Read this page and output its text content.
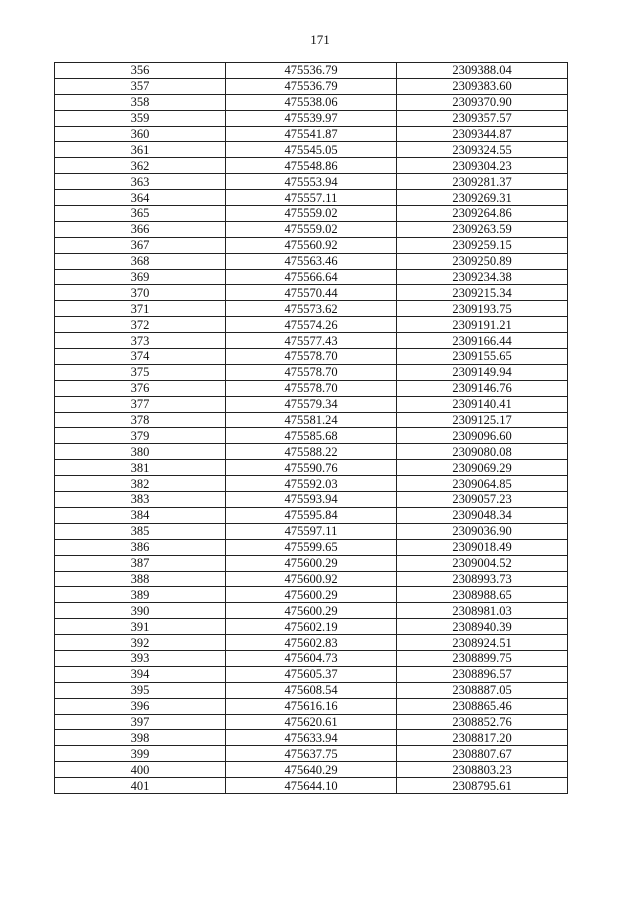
171
356	475536.79	2309388.04
357	475536.79	2309383.60
358	475538.06	2309370.90
359	475539.97	2309357.57
360	475541.87	2309344.87
361	475545.05	2309324.55
362	475548.86	2309304.23
363	475553.94	2309281.37
364	475557.11	2309269.31
365	475559.02	2309264.86
366	475559.02	2309263.59
367	475560.92	2309259.15
368	475563.46	2309250.89
369	475566.64	2309234.38
370	475570.44	2309215.34
371	475573.62	2309193.75
372	475574.26	2309191.21
373	475577.43	2309166.44
374	475578.70	2309155.65
375	475578.70	2309149.94
376	475578.70	2309146.76
377	475579.34	2309140.41
378	475581.24	2309125.17
379	475585.68	2309096.60
380	475588.22	2309080.08
381	475590.76	2309069.29
382	475592.03	2309064.85
383	475593.94	2309057.23
384	475595.84	2309048.34
385	475597.11	2309036.90
386	475599.65	2309018.49
387	475600.29	2309004.52
388	475600.92	2308993.73
389	475600.29	2308988.65
390	475600.29	2308981.03
391	475602.19	2308940.39
392	475602.83	2308924.51
393	475604.73	2308899.75
394	475605.37	2308896.57
395	475608.54	2308887.05
396	475616.16	2308865.46
397	475620.61	2308852.76
398	475633.94	2308817.20
399	475637.75	2308807.67
400	475640.29	2308803.23
401	475644.10	2308795.61
